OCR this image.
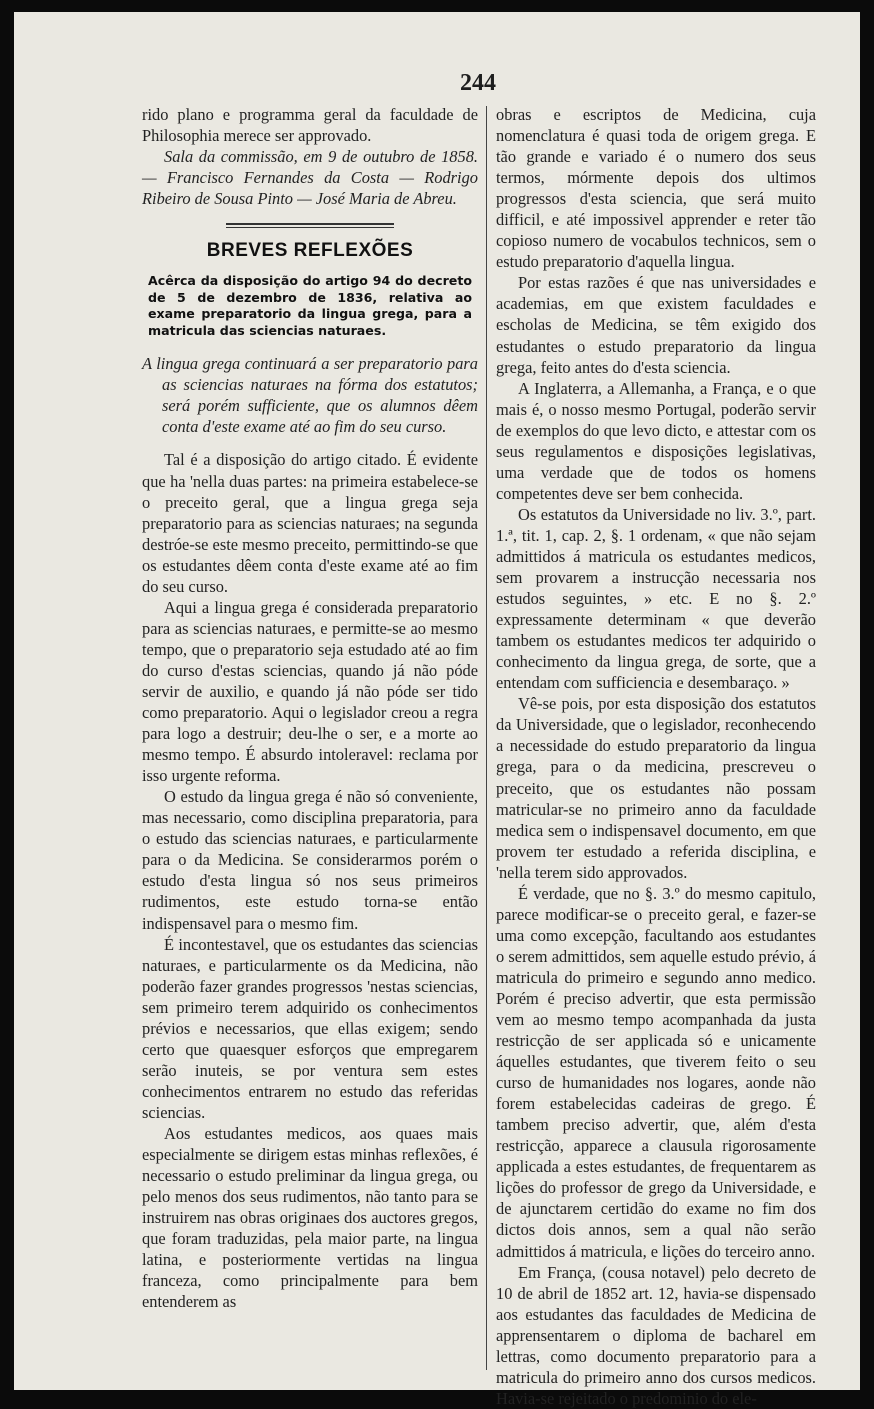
244

rido plano e programma geral da faculdade de Philosophia merece ser approvado.

Sala da commissão, em 9 de outubro de 1858. — Francisco Fernandes da Costa — Rodrigo Ribeiro de Sousa Pinto — José Maria de Abreu.

BREVES REFLEXÕES

Acêrca da disposição do artigo 94 do decreto de 5 de dezembro de 1836, relativa ao exame preparatorio da lingua grega, para a matricula das sciencias naturaes.

A lingua grega continuará a ser preparatorio para as sciencias naturaes na fórma dos estatutos; será porém sufficiente, que os alumnos dêem conta d'este exame até ao fim do seu curso.

Tal é a disposição do artigo citado. É evidente que ha 'nella duas partes: na primeira estabelece-se o preceito geral, que a lingua grega seja preparatorio para as sciencias naturaes; na segunda destróe-se este mesmo preceito, permittindo-se que os estudantes dêem conta d'este exame até ao fim do seu curso.

Aqui a lingua grega é considerada preparatorio para as sciencias naturaes, e permitte-se ao mesmo tempo, que o preparatorio seja estudado até ao fim do curso d'estas sciencias, quando já não póde servir de auxilio, e quando já não póde ser tido como preparatorio. Aqui o legislador creou a regra para logo a destruir; deu-lhe o ser, e a morte ao mesmo tempo. É absurdo intoleravel: reclama por isso urgente reforma.

O estudo da lingua grega é não só conveniente, mas necessario, como disciplina preparatoria, para o estudo das sciencias naturaes, e particularmente para o da Medicina. Se considerarmos porém o estudo d'esta lingua só nos seus primeiros rudimentos, este estudo torna-se então indispensavel para o mesmo fim.

É incontestavel, que os estudantes das sciencias naturaes, e particularmente os da Medicina, não poderão fazer grandes progressos 'nestas sciencias, sem primeiro terem adquirido os conhecimentos prévios e necessarios, que ellas exigem; sendo certo que quaesquer esforços que empregarem serão inuteis, se por ventura sem estes conhecimentos entrarem no estudo das referidas sciencias.

Aos estudantes medicos, aos quaes mais especialmente se dirigem estas minhas reflexões, é necessario o estudo preliminar da lingua grega, ou pelo menos dos seus rudimentos, não tanto para se instruirem nas obras originaes dos auctores gregos, que foram traduzidas, pela maior parte, na lingua latina, e posteriormente vertidas na lingua franceza, como principalmente para bem entenderem as

obras e escriptos de Medicina, cuja nomenclatura é quasi toda de origem grega. E tão grande e variado é o numero dos seus termos, mórmente depois dos ultimos progressos d'esta sciencia, que será muito difficil, e até impossivel apprender e reter tão copioso numero de vocabulos technicos, sem o estudo preparatorio d'aquella lingua.

Por estas razões é que nas universidades e academias, em que existem faculdades e escholas de Medicina, se têm exigido dos estudantes o estudo preparatorio da lingua grega, feito antes do d'esta sciencia.

A Inglaterra, a Allemanha, a França, e o que mais é, o nosso mesmo Portugal, poderão servir de exemplos do que levo dicto, e attestar com os seus regulamentos e disposições legislativas, uma verdade que de todos os homens competentes deve ser bem conhecida.

Os estatutos da Universidade no liv. 3.º, part. 1.ª, tit. 1, cap. 2, §. 1 ordenam, « que não sejam admittidos á matricula os estudantes medicos, sem provarem a instrucção necessaria nos estudos seguintes, » etc. E no §. 2.º expressamente determinam « que deverão tambem os estudantes medicos ter adquirido o conhecimento da lingua grega, de sorte, que a entendam com sufficiencia e desembaraço. »

Vê-se pois, por esta disposição dos estatutos da Universidade, que o legislador, reconhecendo a necessidade do estudo preparatorio da lingua grega, para o da medicina, prescreveu o preceito, que os estudantes não possam matricular-se no primeiro anno da faculdade medica sem o indispensavel documento, em que provem ter estudado a referida disciplina, e 'nella terem sido approvados.

É verdade, que no §. 3.º do mesmo capitulo, parece modificar-se o preceito geral, e fazer-se uma como excepção, facultando aos estudantes o serem admittidos, sem aquelle estudo prévio, á matricula do primeiro e segundo anno medico. Porém é preciso advertir, que esta permissão vem ao mesmo tempo acompanhada da justa restricção de ser applicada só e unicamente áquelles estudantes, que tiverem feito o seu curso de humanidades nos logares, aonde não forem estabelecidas cadeiras de grego. É tambem preciso advertir, que, além d'esta restricção, apparece a clausula rigorosamente applicada a estes estudantes, de frequentarem as lições do professor de grego da Universidade, e de ajunctarem certidão do exame no fim dos dictos dois annos, sem a qual não serão admittidos á matricula, e lições do terceiro anno.

Em França, (cousa notavel) pelo decreto de 10 de abril de 1852 art. 12, havia-se dispensado aos estudantes das faculdades de Medicina de apprensentarem o diploma de bacharel em lettras, como documento preparatorio para a matricula do primeiro anno dos cursos medicos. Havia-se rejeitado o predominio do ele-
